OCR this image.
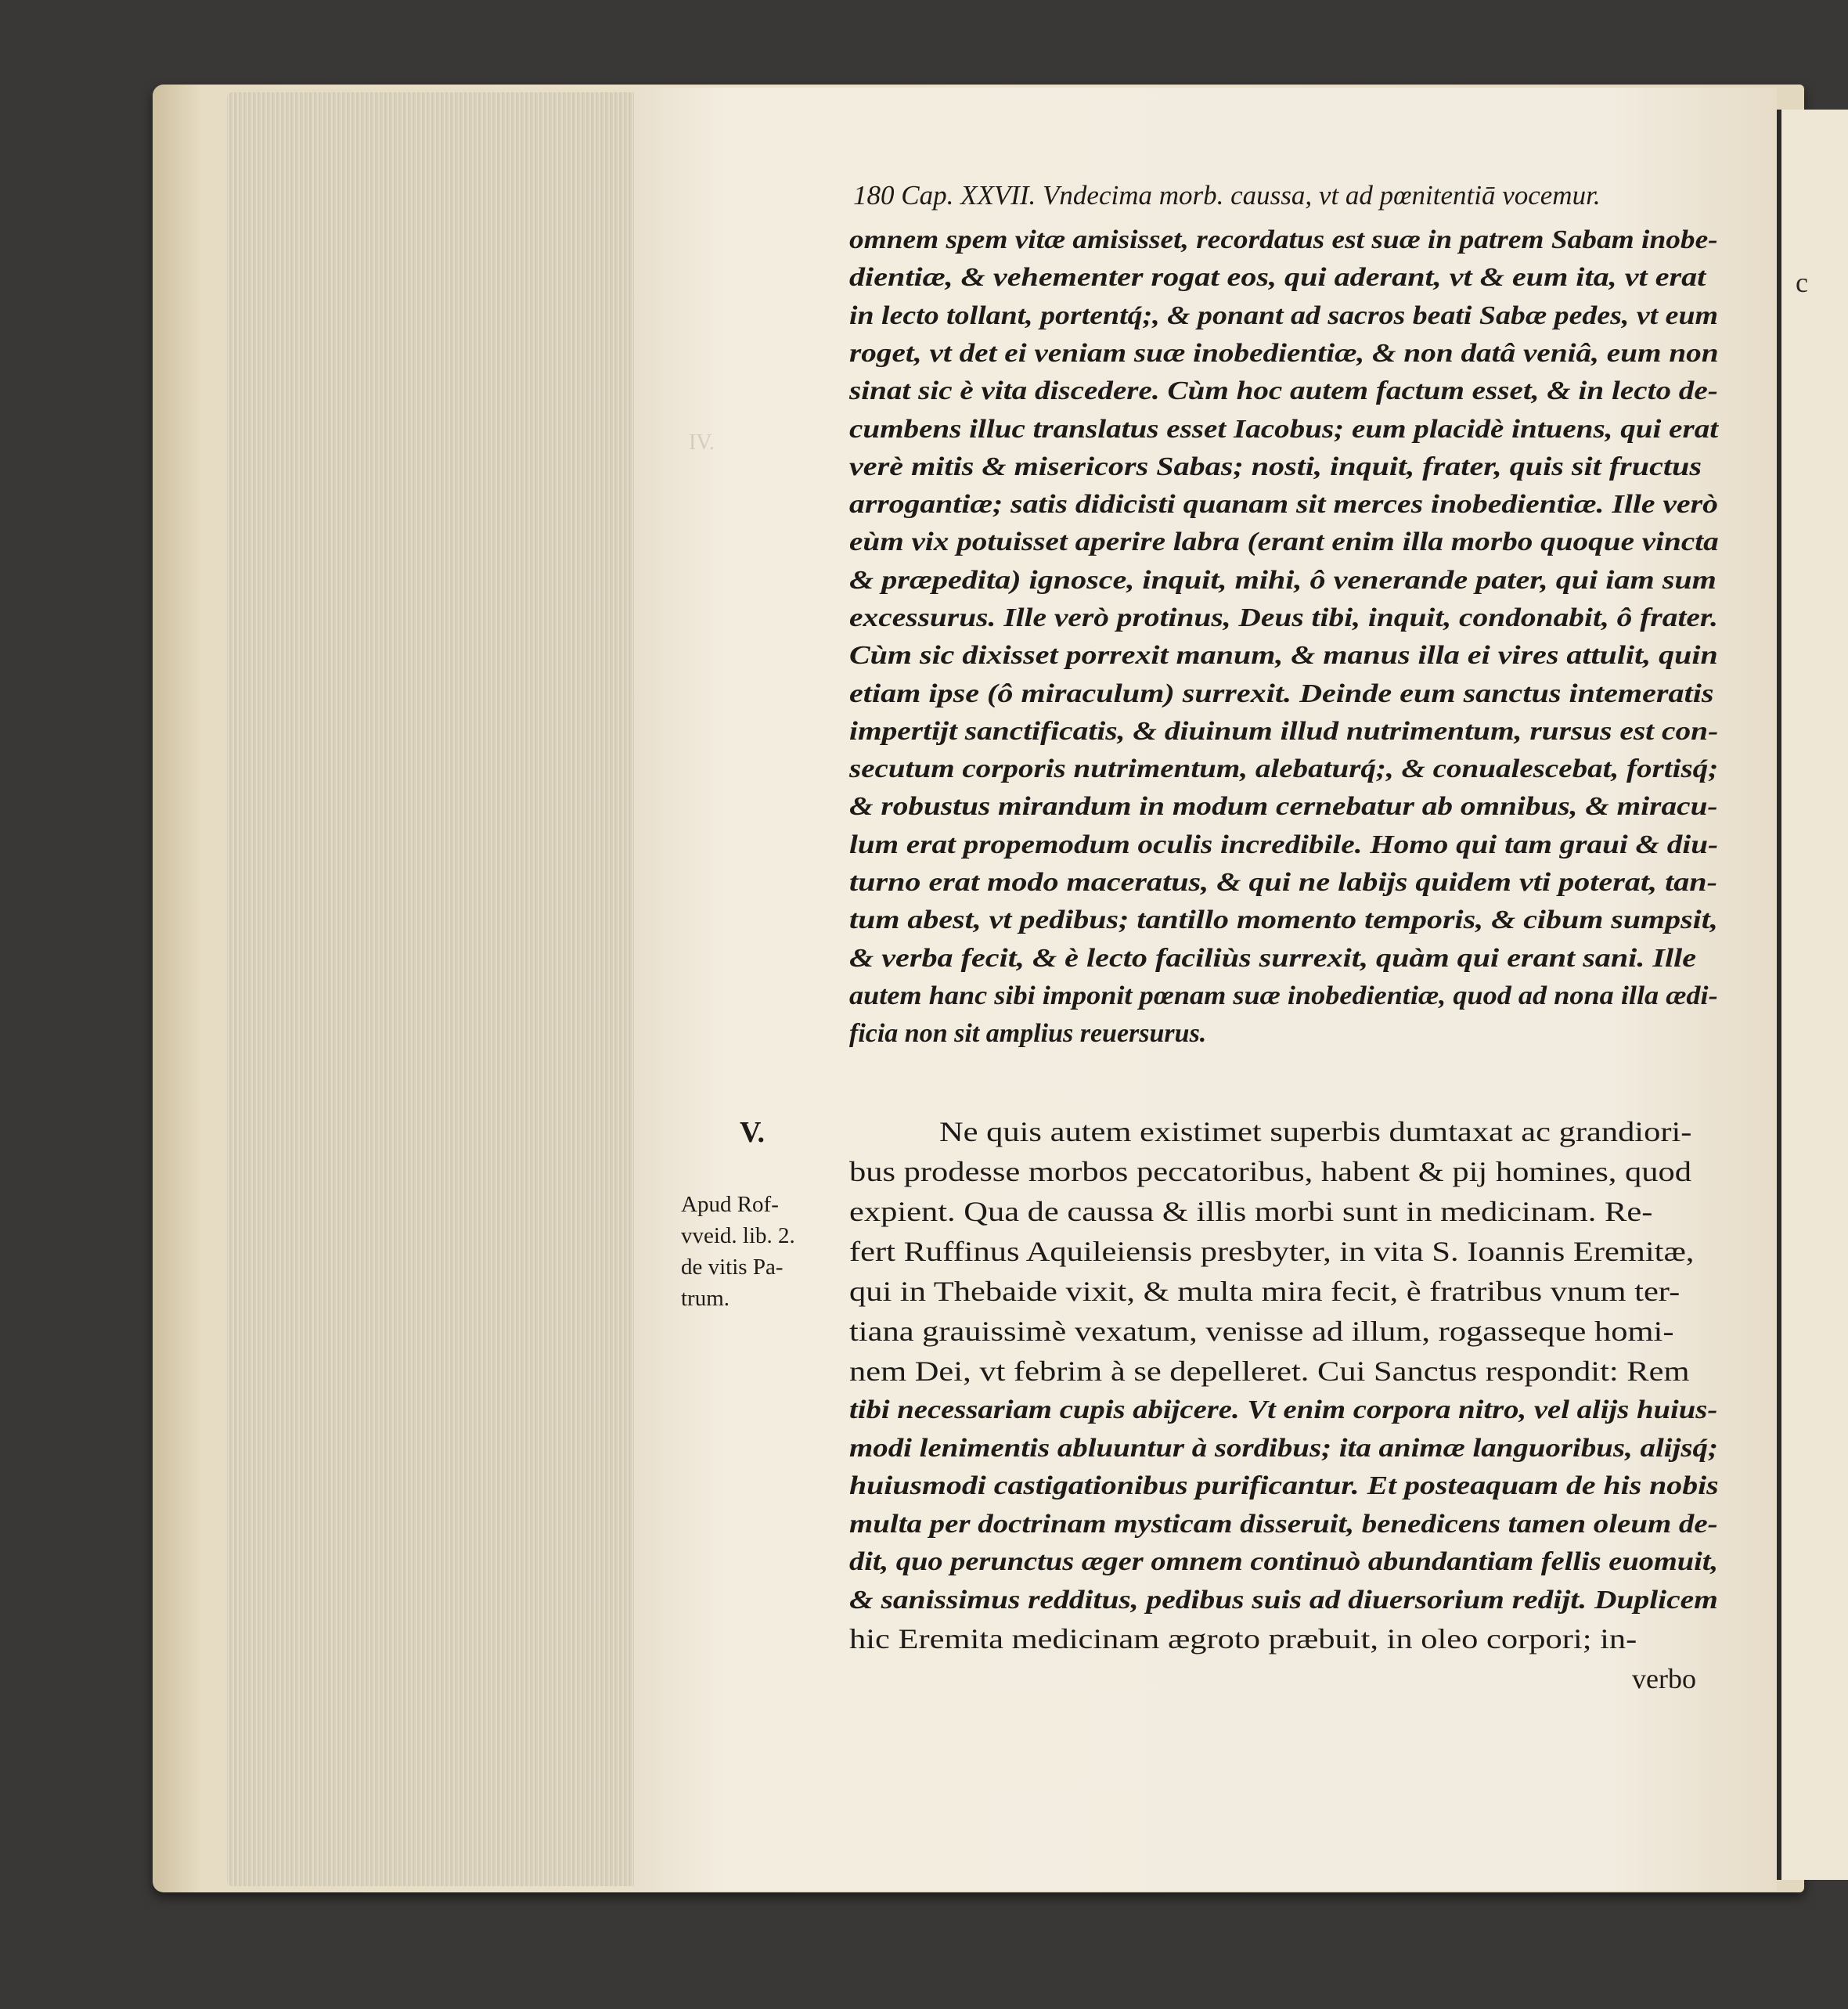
c
IV.
180 Cap. XXVII. Vndecima morb. caussa, vt ad pœnitentiā vocemur.
omnem spem vitæ amisisset, recordatus est suæ in patrem Sabam inobe-
dientiæ, & vehementer rogat eos, qui aderant, vt & eum ita, vt erat
in lecto tollant, portentq́;, & ponant ad sacros beati Sabæ pedes, vt eum
roget, vt det ei veniam suæ inobedientiæ, & non datâ veniâ, eum non
sinat sic è vita discedere. Cùm hoc autem factum esset, & in lecto de-
cumbens illuc translatus esset Iacobus; eum placidè intuens, qui erat
verè mitis & misericors Sabas; nosti, inquit, frater, quis sit fructus
arrogantiæ; satis didicisti quanam sit merces inobedientiæ. Ille verò
eùm vix potuisset aperire labra (erant enim illa morbo quoque vincta
& præpedita) ignosce, inquit, mihi, ô venerande pater, qui iam sum
excessurus. Ille verò protinus, Deus tibi, inquit, condonabit, ô frater.
Cùm sic dixisset porrexit manum, & manus illa ei vires attulit, quin
etiam ipse (ô miraculum) surrexit. Deinde eum sanctus intemeratis
impertijt sanctificatis, & diuinum illud nutrimentum, rursus est con-
secutum corporis nutrimentum, alebaturq́;, & conualescebat, fortisq́;
& robustus mirandum in modum cernebatur ab omnibus, & miracu-
lum erat propemodum oculis incredibile. Homo qui tam graui & diu-
turno erat modo maceratus, & qui ne labijs quidem vti poterat, tan-
tum abest, vt pedibus; tantillo momento temporis, & cibum sumpsit,
& verba fecit, & è lecto faciliùs surrexit, quàm qui erant sani. Ille
autem hanc sibi imponit pœnam suæ inobedientiæ, quod ad nona illa ædi-
ficia non sit amplius reuersurus.
V.
Apud Rof-
vveid. lib. 2.
de vitis Pa-
trum.
Ne quis autem existimet superbis dumtaxat ac grandiori-
bus prodesse morbos peccatoribus, habent & pij homines, quod
expient. Qua de caussa & illis morbi sunt in medicinam. Re-
fert Ruffinus Aquileiensis presbyter, in vita S. Ioannis Eremitæ,
qui in Thebaide vixit, & multa mira fecit, è fratribus vnum ter-
tiana grauissimè vexatum, venisse ad illum, rogasseque homi-
nem Dei, vt febrim à se depelleret. Cui Sanctus respondit: Rem
tibi necessariam cupis abijcere. Vt enim corpora nitro, vel alijs huius-
modi lenimentis abluuntur à sordibus; ita animæ languoribus, alijsq́;
huiusmodi castigationibus purificantur. Et posteaquam de his nobis
multa per doctrinam mysticam disseruit, benedicens tamen oleum de-
dit, quo perunctus æger omnem continuò abundantiam fellis euomuit,
& sanissimus redditus, pedibus suis ad diuersorium redijt. Duplicem
hic Eremita medicinam ægroto præbuit, in oleo corpori; in-
verbo
